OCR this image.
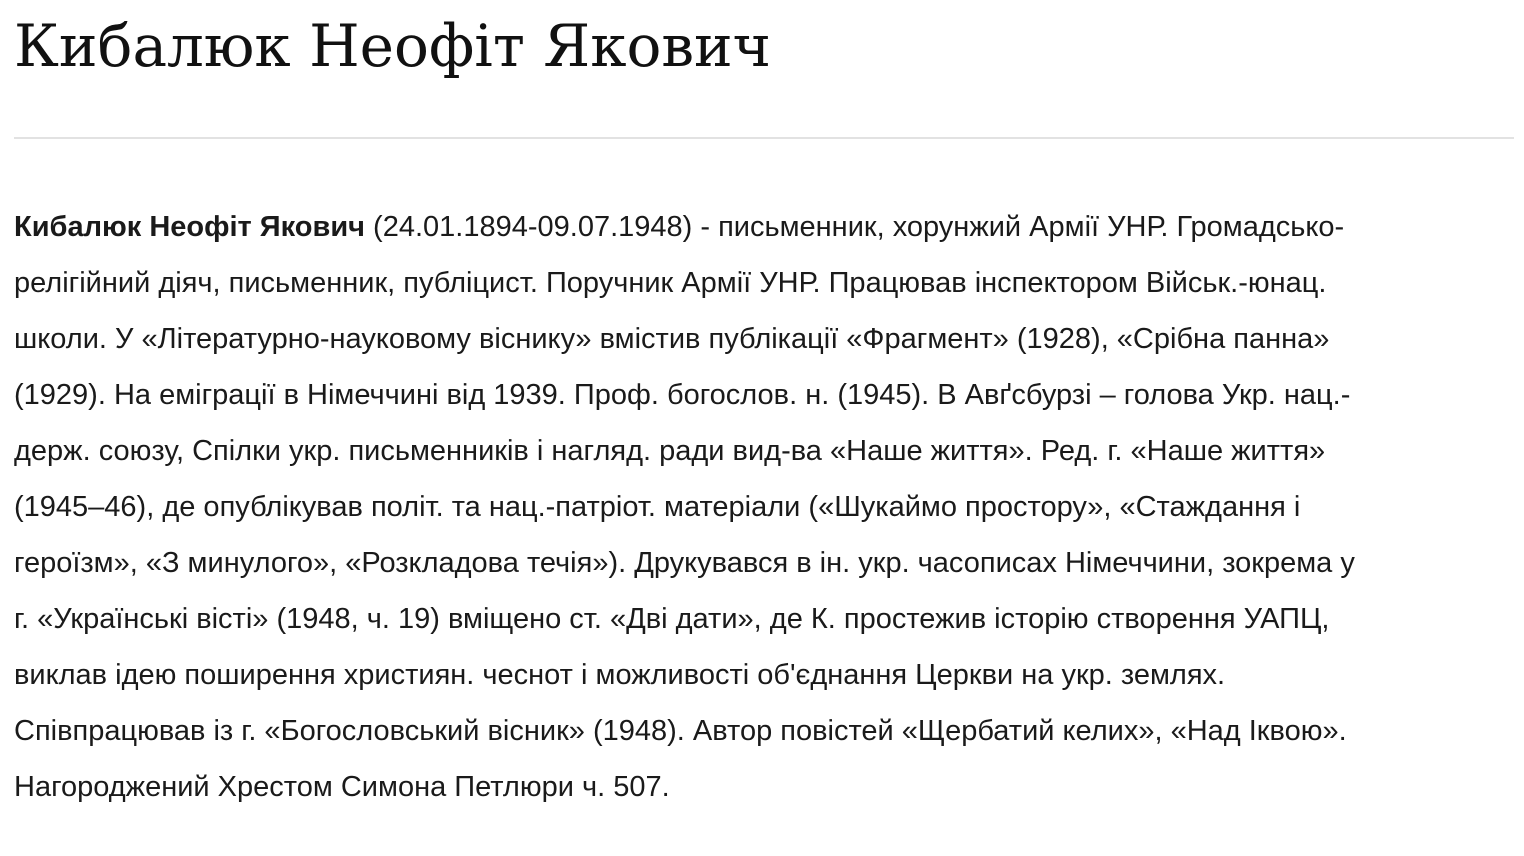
Кибалюк Неофіт Якович
Кибалюк Неофіт Якович (24.01.1894-09.07.1948) - письменник, хорунжий Армії УНР. Громадсько-
релігійний діяч, письменник, публіцист. Поручник Армії УНР. Працював інспектором Військ.-юнац.
школи. У «Літературно-науковому віснику» вмістив публікації «Фрагмент» (1928), «Срібна панна»
(1929). На еміграції в Німеччині від 1939. Проф. богослов. н. (1945). В Авґсбурзі – голова Укр. нац.-
держ. союзу, Спілки укр. письменників і нагляд. ради вид-ва «Наше життя». Ред. г. «Наше життя»
(1945–46), де опублікував політ. та нац.-патріот. матеріали («Шукаймо простору», «Стаждання і
героїзм», «З минулого», «Розкладова течія»). Друкувався в ін. укр. часописах Німеччини, зокрема у
г. «Українські вісті» (1948, ч. 19) вміщено ст. «Дві дати», де К. простежив історію створення УАПЦ,
виклав ідею поширення християн. чеснот і можливості об'єднання Церкви на укр. землях.
Співпрацював із г. «Богословський вісник» (1948). Автор повістей «Щербатий келих», «Над Іквою».
Нагороджений Хрестом Симона Петлюри ч. 507.
